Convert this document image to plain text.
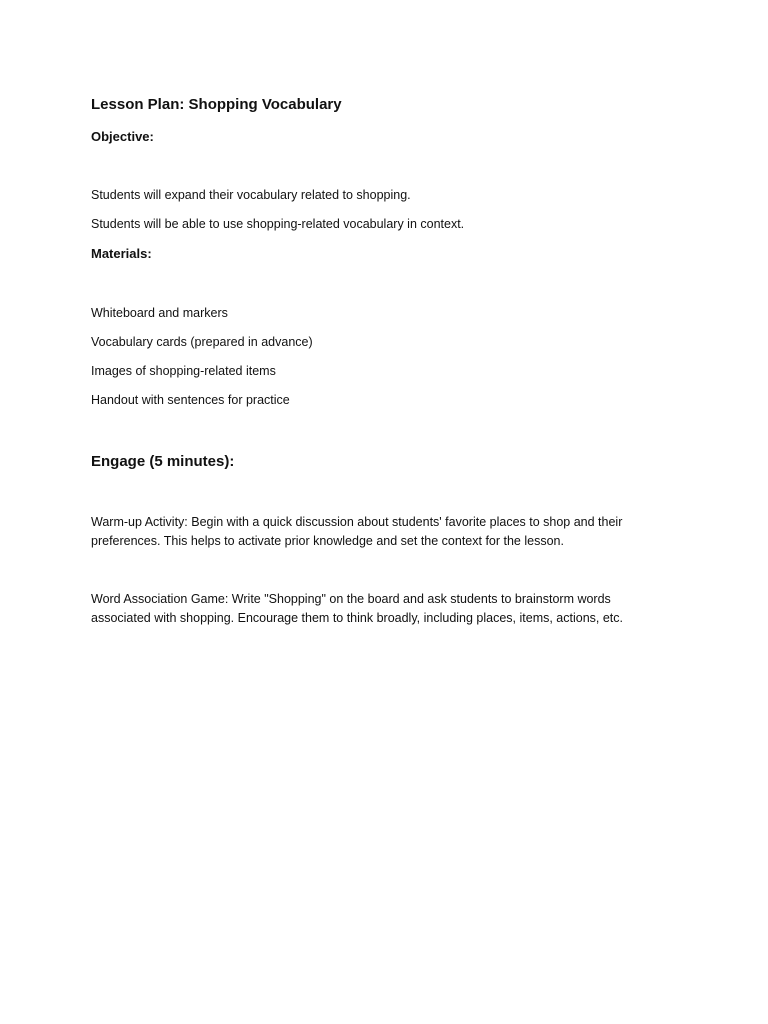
Lesson Plan: Shopping Vocabulary

Objective:

Students will expand their vocabulary related to shopping.

Students will be able to use shopping-related vocabulary in context.

Materials:

Whiteboard and markers

Vocabulary cards (prepared in advance)

Images of shopping-related items

Handout with sentences for practice

Engage (5 minutes):

Warm-up Activity: Begin with a quick discussion about students' favorite places to shop and their preferences. This helps to activate prior knowledge and set the context for the lesson.

Word Association Game: Write "Shopping" on the board and ask students to brainstorm words associated with shopping. Encourage them to think broadly, including places, items, actions, etc.
